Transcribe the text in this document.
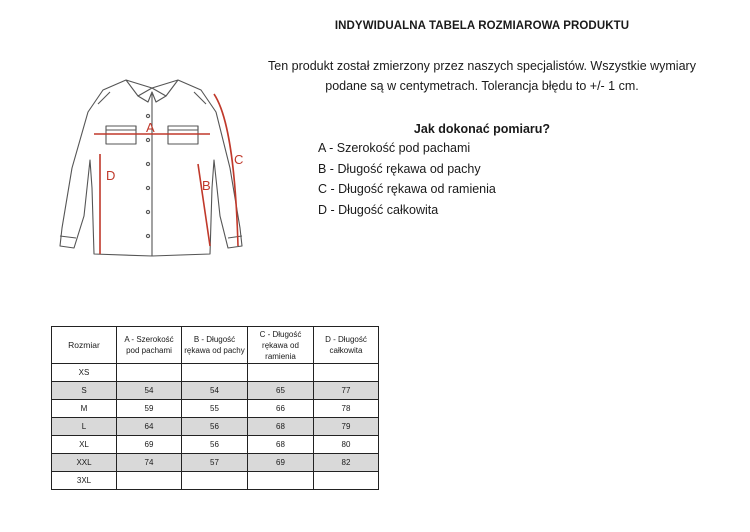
INDYWIDUALNA TABELA ROZMIAROWA PRODUKTU
Ten produkt został zmierzony przez naszych specjalistów. Wszystkie wymiary podane są w centymetrach. Tolerancja błędu to +/- 1 cm.
Jak dokonać pomiaru?
A - Szerokość pod pachami
B - Długość rękawa od pachy
C - Długość rękawa od ramienia
D - Długość całkowita
A
B
C
D
Rozmiar	A - Szerokość pod pachami	B - Długość rękawa od pachy	C - Długość rękawa od ramienia	D - Długość całkowita
XS				
S	54	54	65	77
M	59	55	66	78
L	64	56	68	79
XL	69	56	68	80
XXL	74	57	69	82
3XL				
